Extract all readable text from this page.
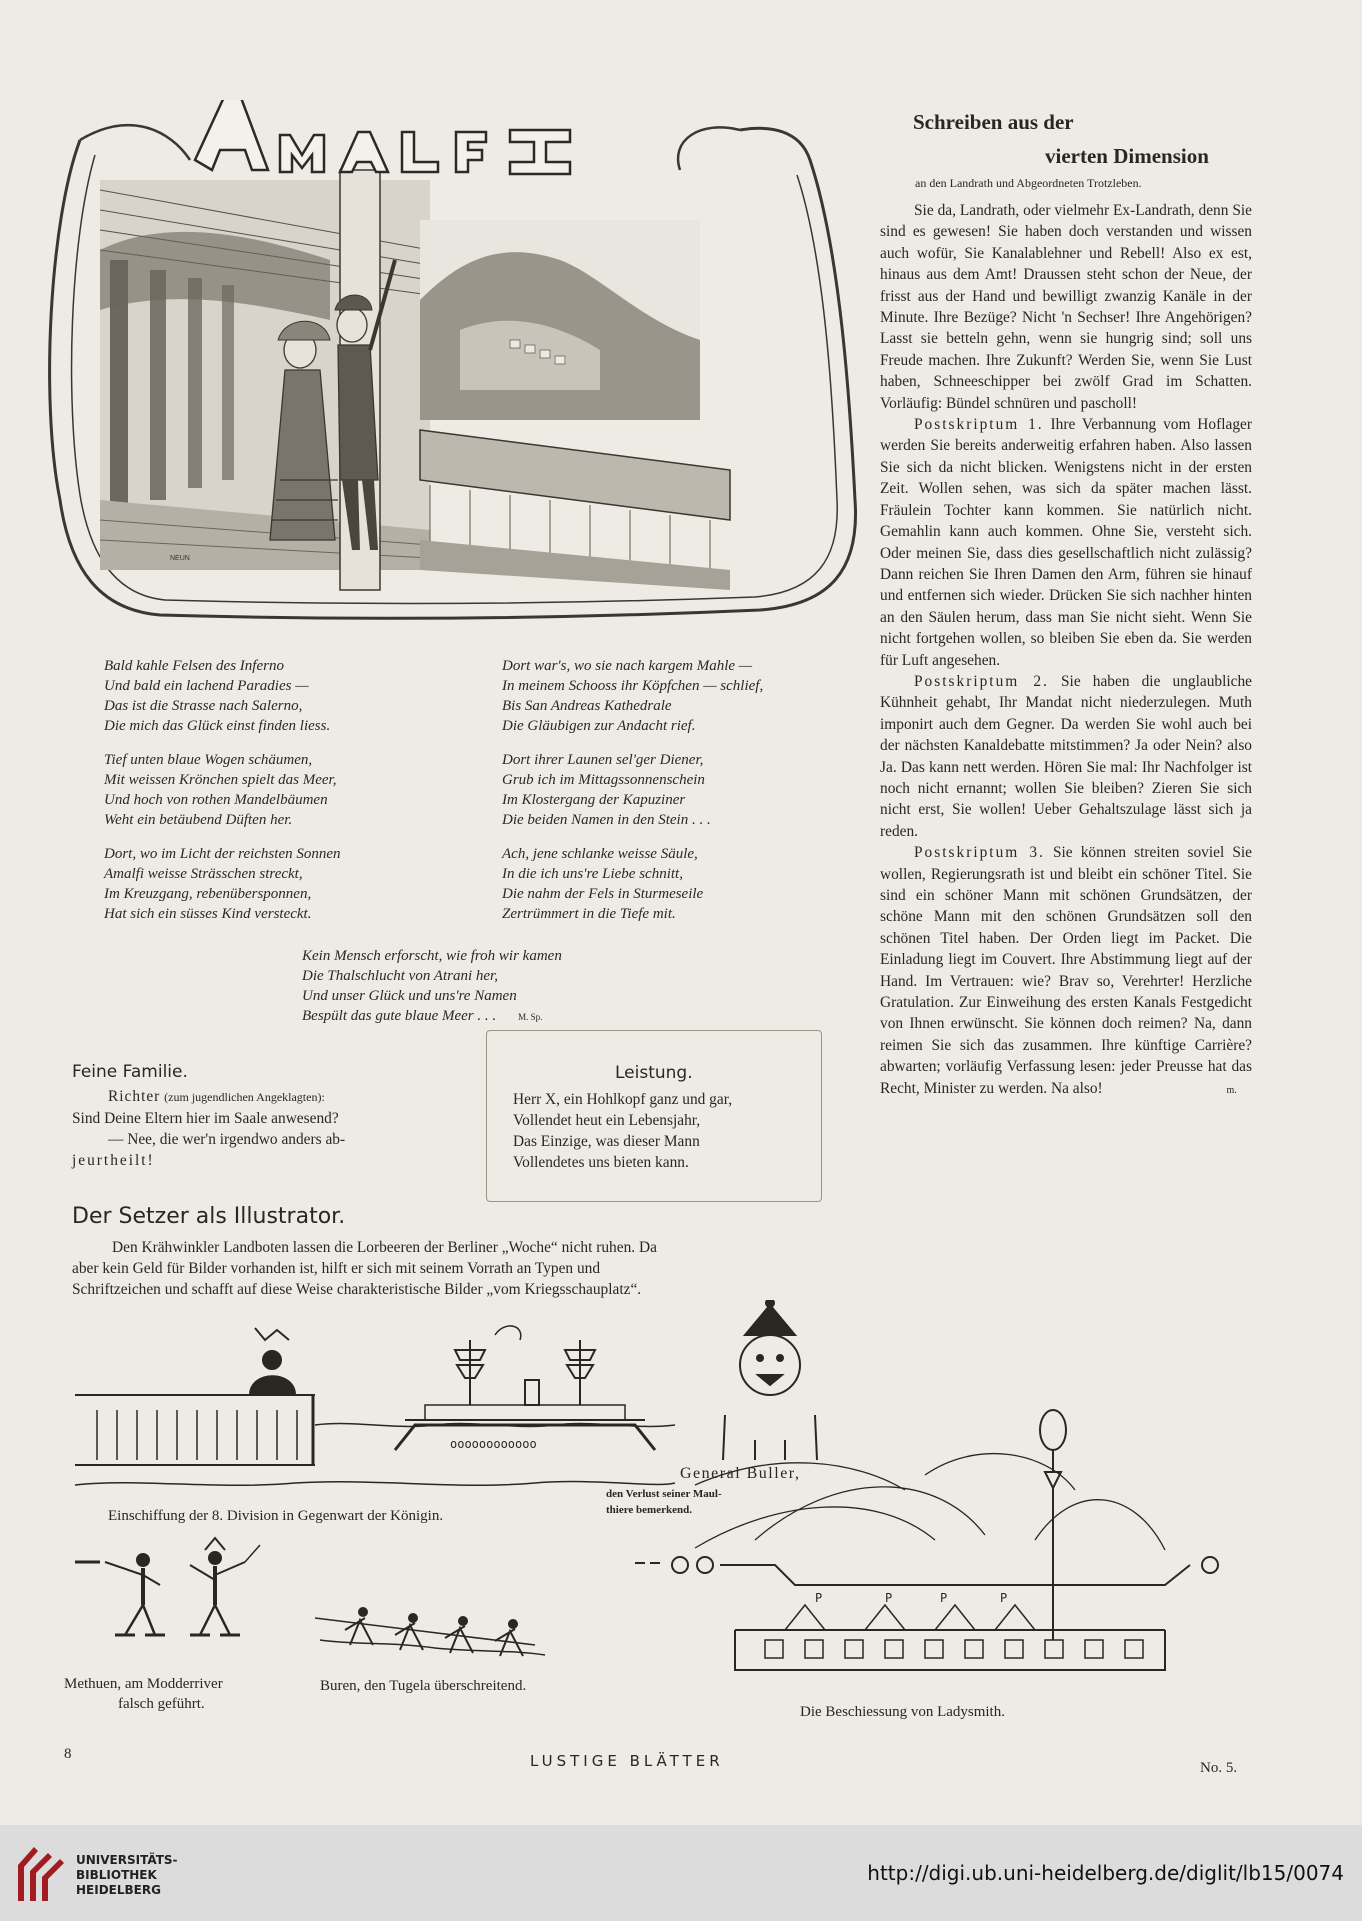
NEUN
Bald kahle Felsen des Inferno
Und bald ein lachend Paradies —
Das ist die Strasse nach Salerno,
Die mich das Glück einst finden liess.
Tief unten blaue Wogen schäumen,
Mit weissen Krönchen spielt das Meer,
Und hoch von rothen Mandelbäumen
Weht ein betäubend Düften her.
Dort, wo im Licht der reichsten Sonnen
Amalfi weisse Strässchen streckt,
Im Kreuzgang, rebenübersponnen,
Hat sich ein süsses Kind versteckt.
Dort war's, wo sie nach kargem Mahle —
In meinem Schooss ihr Köpfchen — schlief,
Bis San Andreas Kathedrale
Die Gläubigen zur Andacht rief.
Dort ihrer Launen sel'ger Diener,
Grub ich im Mittagssonnenschein
Im Klostergang der Kapuziner
Die beiden Namen in den Stein . . .
Ach, jene schlanke weisse Säule,
In die ich uns're Liebe schnitt,
Die nahm der Fels in Sturmeseile
Zertrümmert in die Tiefe mit.
Kein Mensch erforscht, wie froh wir kamen
Die Thalschlucht von Atrani her,
Und unser Glück und uns're Namen
Bespült das gute blaue Meer . . . M. Sp.
Feine Familie.
Richter (zum jugendlichen Angeklagten):
Sind Deine Eltern hier im Saale anwesend?
— Nee, die wer'n irgendwo anders ab-
jeurtheilt!
Leistung.
Herr X, ein Hohlkopf ganz und gar,
Vollendet heut ein Lebensjahr,
Das Einzige, was dieser Mann
Vollendetes uns bieten kann.
Der Setzer als Illustrator.
Den Krähwinkler Landboten lassen die Lorbeeren der Berliner „Woche“ nicht ruhen. Da
aber kein Geld für Bilder vorhanden ist, hilft er sich mit seinem Vorrath an Typen und
Schriftzeichen und schafft auf diese Weise charakteristische Bilder „vom Kriegsschauplatz“.
oooooooooooo
P	P	P	P
Einschiffung der 8. Division in Gegenwart der Königin.
General Buller,
den Verlust seiner Maul-
thiere bemerkend.
Methuen, am Modderriver
falsch geführt.
Buren, den Tugela überschreitend.
Die Beschiessung von Ladysmith.
Schreiben aus der
vierten Dimension
an den Landrath und Abgeordneten Trotzleben.

Sie da, Landrath, oder vielmehr Ex-Landrath, denn Sie sind es gewesen! Sie haben doch verstanden und wissen auch wofür, Sie Kanalablehner und Rebell! Also ex est, hinaus aus dem Amt! Draussen steht schon der Neue, der frisst aus der Hand und bewilligt zwanzig Kanäle in der Minute. Ihre Bezüge? Nicht 'n Sechser! Ihre Angehörigen? Lasst sie betteln gehn, wenn sie hungrig sind; soll uns Freude machen. Ihre Zukunft? Werden Sie, wenn Sie Lust haben, Schneeschipper bei zwölf Grad im Schatten. Vorläufig: Bündel schnüren und pascholl!

Postskriptum 1. Ihre Verbannung vom Hoflager werden Sie bereits anderweitig erfahren haben. Also lassen Sie sich da nicht blicken. Wenigstens nicht in der ersten Zeit. Wollen sehen, was sich da später machen lässt. Fräulein Tochter kann kommen. Sie natürlich nicht. Gemahlin kann auch kommen. Ohne Sie, versteht sich. Oder meinen Sie, dass dies gesellschaftlich nicht zulässig? Dann reichen Sie Ihren Damen den Arm, führen sie hinauf und entfernen sich wieder. Drücken Sie sich nachher hinten an den Säulen herum, dass man Sie nicht sieht. Wenn Sie nicht fortgehen wollen, so bleiben Sie eben da. Sie werden für Luft angesehen.

Postskriptum 2. Sie haben die unglaubliche Kühnheit gehabt, Ihr Mandat nicht niederzulegen. Muth imponirt auch dem Gegner. Da werden Sie wohl auch bei der nächsten Kanaldebatte mitstimmen? Ja oder Nein? also Ja. Das kann nett werden. Hören Sie mal: Ihr Nachfolger ist noch nicht ernannt; wollen Sie bleiben? Zieren Sie sich nicht erst, Sie wollen! Ueber Gehaltszulage lässt sich ja reden.

Postskriptum 3. Sie können streiten soviel Sie wollen, Regierungsrath ist und bleibt ein schöner Titel. Sie sind ein schöner Mann mit schönen Grundsätzen, der schöne Mann mit den schönen Grundsätzen soll den schönen Titel haben. Der Orden liegt im Packet. Die Einladung liegt im Couvert. Ihre Abstimmung liegt auf der Hand. Im Vertrauen: wie? Brav so, Verehrter! Herzliche Gratulation. Zur Einweihung des ersten Kanals Festgedicht von Ihnen erwünscht. Sie können doch reimen? Na, dann reimen Sie sich das zusammen. Ihre künftige Carrière? abwarten; vorläufig Verfassung lesen: jeder Preusse hat das Recht, Minister zu werden. Na also!	m.

8	LUSTIGE BLÄTTER	No. 5.
UNIVERSITÄTS-
BIBLIOTHEK
HEIDELBERG
http://digi.ub.uni-heidelberg.de/diglit/lb15/0074
